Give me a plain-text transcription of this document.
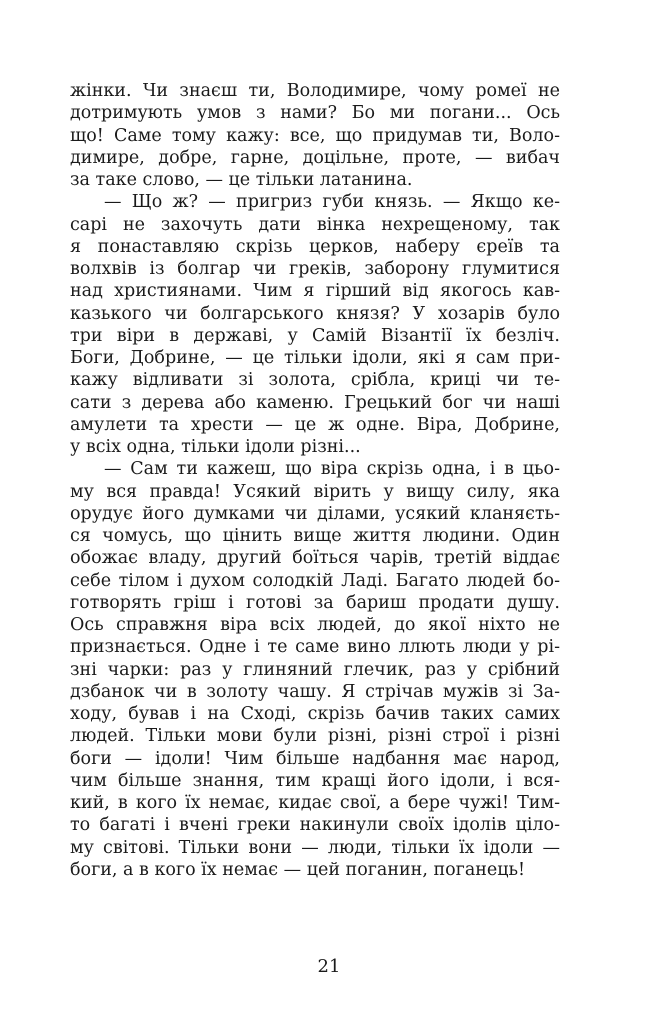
жінки. Чи знаєш ти, Володимире, чому ромеї не
дотримують умов з нами? Бо ми погани... Ось
що! Саме тому кажу: все, що придумав ти, Воло-
димире, добре, гарне, доцільне, проте, — вибач
за таке слово, — це тільки латанина.
— Що ж? — пригриз губи князь. — Якщо ке-
сарі не захочуть дати вінка нехрещеному, так
я понаставляю скрізь церков, наберу єреїв та
волхвів із болгар чи греків, заборону глумитися
над християнами. Чим я гірший від якогось кав-
казького чи болгарського князя? У хозарів було
три віри в державі, у Самій Візантії їх безліч.
Боги, Добрине, — це тільки ідоли, які я сам при-
кажу відливати зі золота, срібла, криці чи те-
сати з дерева або каменю. Грецький бог чи наші
амулети та хрести — це ж одне. Віра, Добрине,
у всіх одна, тільки ідоли різні...
— Сам ти кажеш, що віра скрізь одна, і в цьо-
му вся правда! Усякий вірить у вищу силу, яка
орудує його думками чи ділами, усякий кланяєть-
ся чомусь, що цінить вище життя людини. Один
обожає владу, другий боїться чарів, третій віддає
себе тілом і духом солодкій Ладі. Багато людей бо-
готворять гріш і готові за бариш продати душу.
Ось справжня віра всіх людей, до якої ніхто не
признається. Одне і те саме вино ллють люди у рі-
зні чарки: раз у глиняний глечик, раз у срібний
дзбанок чи в золоту чашу. Я стрічав мужів зі За-
ходу, бував і на Сході, скрізь бачив таких самих
людей. Тільки мови були різні, різні строї і різні
боги — ідоли! Чим більше надбання має народ,
чим більше знання, тим кращі його ідоли, і вся-
кий, в кого їх немає, кидає свої, а бере чужі! Тим-
то багаті і вчені греки накинули своїх ідолів ціло-
му світові. Тільки вони — люди, тільки їх ідоли —
боги, а в кого їх немає — цей поганин, поганець!
21
